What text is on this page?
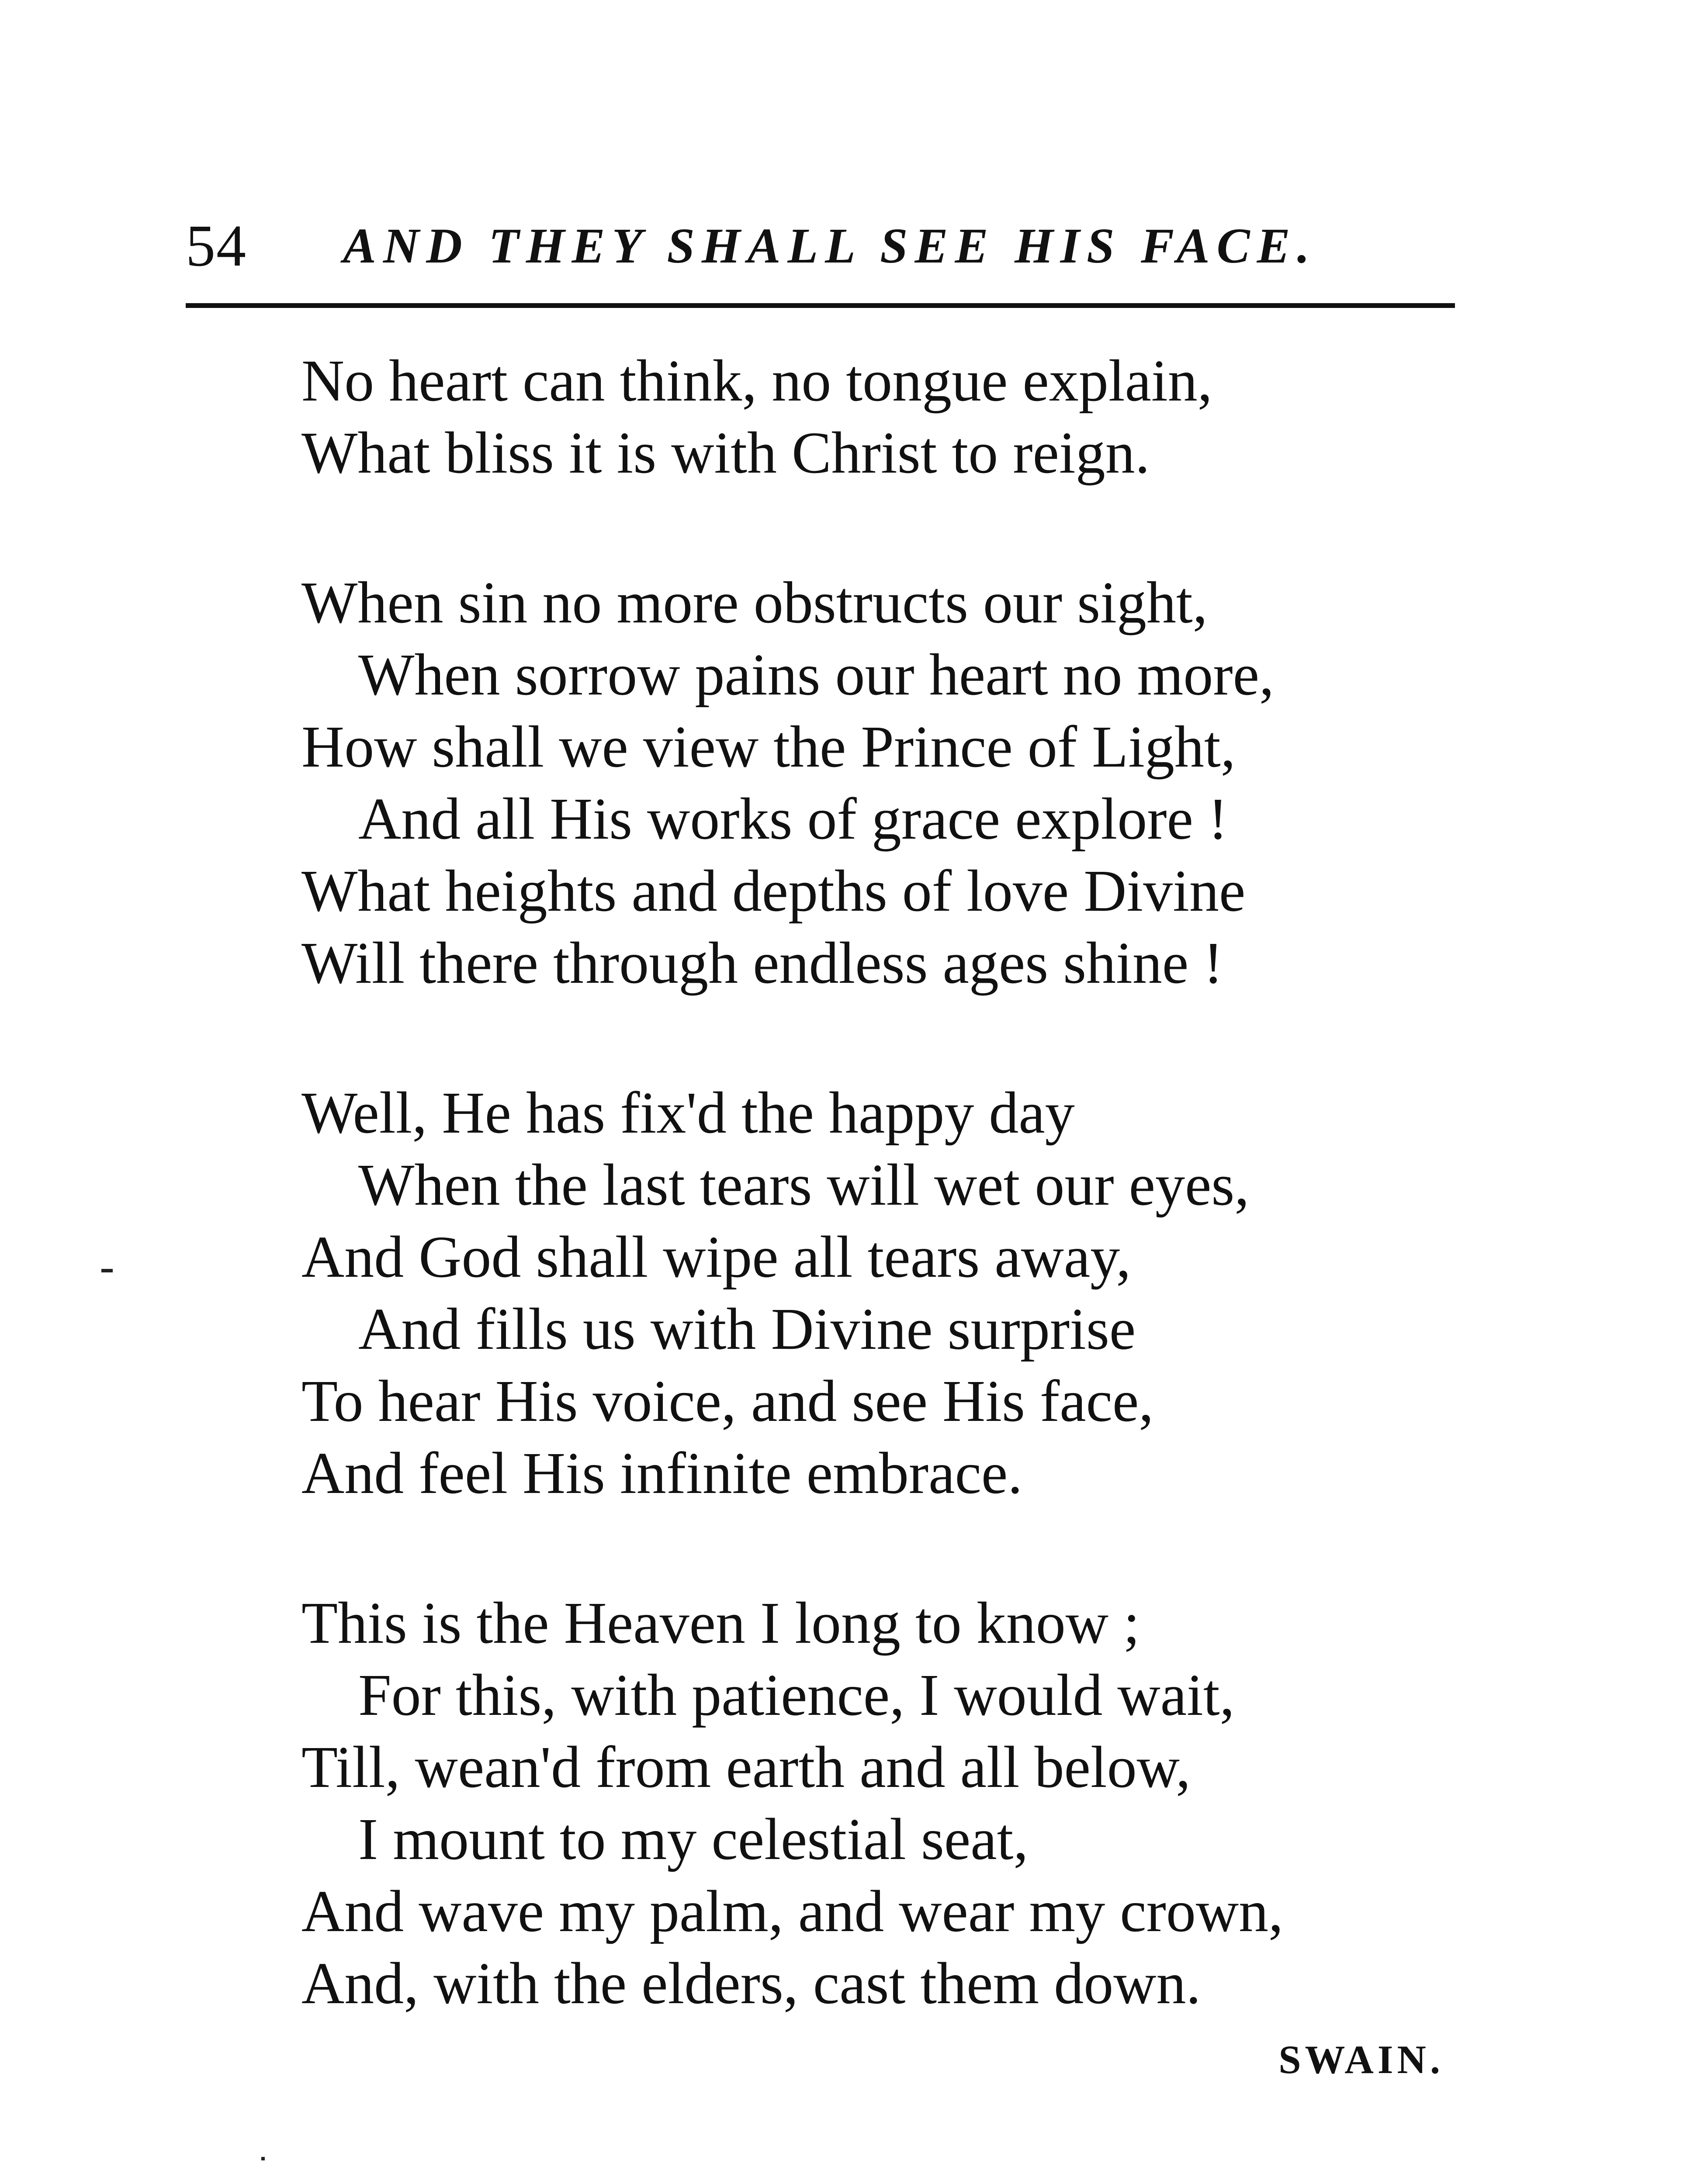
54 AND THEY SHALL SEE HIS FACE.
No heart can think, no tongue explain,
What bliss it is with Christ to reign.
When sin no more obstructs our sight,
When sorrow pains our heart no more,
How shall we view the Prince of Light,
And all His works of grace explore !
What heights and depths of love Divine
Will there through endless ages shine !
Well, He has fix'd the happy day
When the last tears will wet our eyes,
And God shall wipe all tears away,
And fills us with Divine surprise
To hear His voice, and see His face,
And feel His infinite embrace.
This is the Heaven I long to know ;
For this, with patience, I would wait,
Till, wean'd from earth and all below,
I mount to my celestial seat,
And wave my palm, and wear my crown,
And, with the elders, cast them down.
SWAIN.
